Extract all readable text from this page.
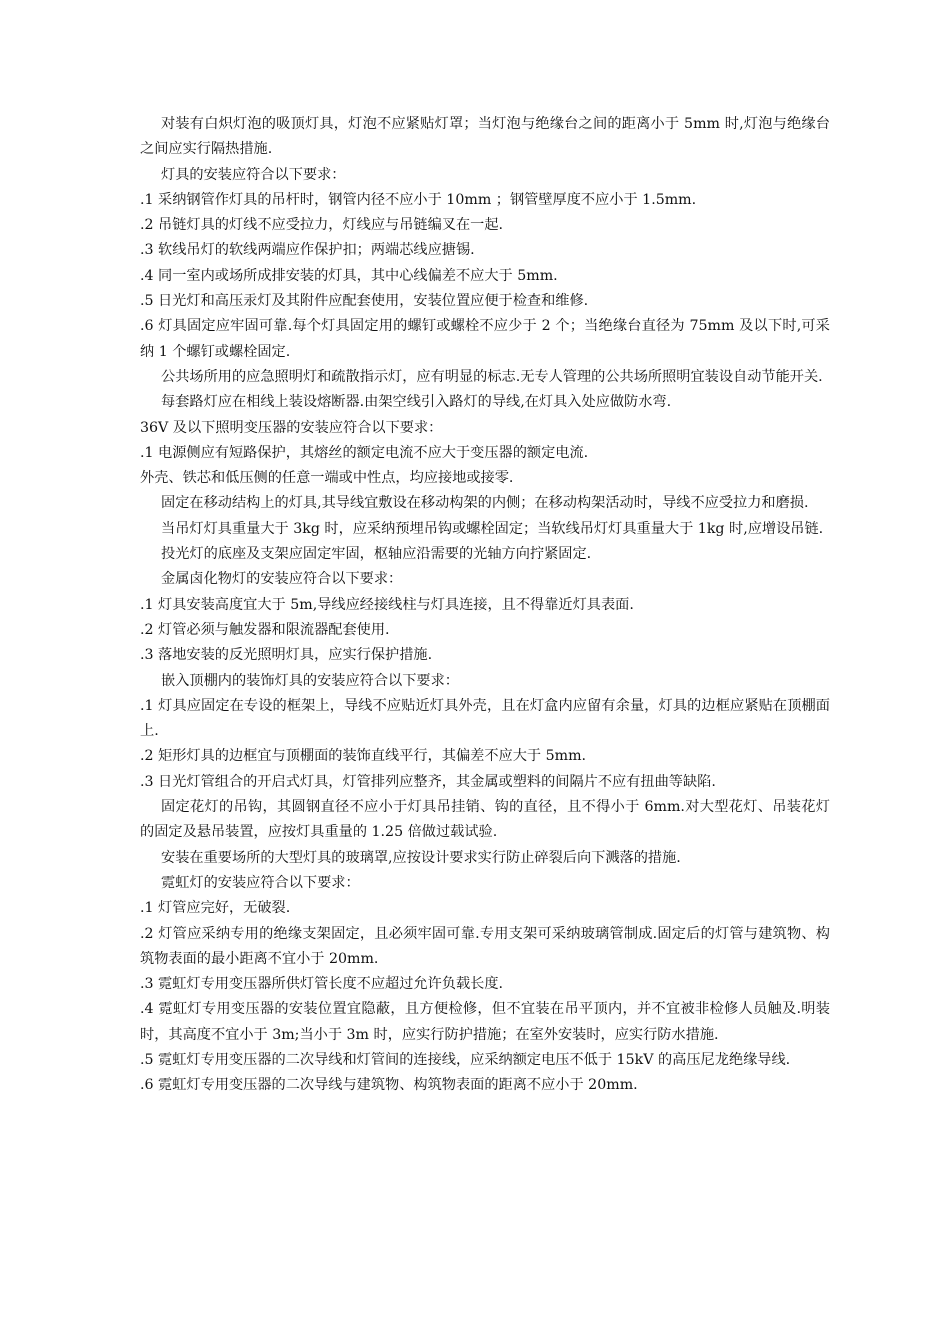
对装有白炽灯泡的吸顶灯具，灯泡不应紧贴灯罩；当灯泡与绝缘台之间的距离小于 5mm 时,灯泡与绝缘台之间应实行隔热措施.

灯具的安装应符合以下要求：

.1 采纳钢管作灯具的吊杆时，钢管内径不应小于 10mm ；钢管壁厚度不应小于 1.5mm.

.2 吊链灯具的灯线不应受拉力，灯线应与吊链编叉在一起.

.3 软线吊灯的软线两端应作保护扣；两端芯线应搪锡.

.4 同一室内或场所成排安装的灯具，其中心线偏差不应大于 5mm.

.5 日光灯和高压汞灯及其附件应配套使用，安装位置应便于检查和维修.

.6 灯具固定应牢固可靠.每个灯具固定用的螺钉或螺栓不应少于 2 个；当绝缘台直径为 75mm 及以下时,可采纳 1 个螺钉或螺栓固定.

公共场所用的应急照明灯和疏散指示灯，应有明显的标志.无专人管理的公共场所照明宜装设自动节能开关.

每套路灯应在相线上装设熔断器.由架空线引入路灯的导线,在灯具入处应做防水弯.

36V 及以下照明变压器的安装应符合以下要求：

.1 电源侧应有短路保护，其熔丝的额定电流不应大于变压器的额定电流.

外壳、铁芯和低压侧的任意一端或中性点，均应接地或接零.

固定在移动结构上的灯具,其导线宜敷设在移动构架的内侧；在移动构架活动时，导线不应受拉力和磨损.

当吊灯灯具重量大于 3kg 时，应采纳预埋吊钩或螺栓固定；当软线吊灯灯具重量大于 1kg 时,应增设吊链.

投光灯的底座及支架应固定牢固，枢轴应沿需要的光轴方向拧紧固定.

金属卤化物灯的安装应符合以下要求：

.1 灯具安装高度宜大于 5m,导线应经接线柱与灯具连接，且不得靠近灯具表面.

.2 灯管必须与触发器和限流器配套使用.

.3 落地安装的反光照明灯具，应实行保护措施.

嵌入顶棚内的装饰灯具的安装应符合以下要求：

.1 灯具应固定在专设的框架上，导线不应贴近灯具外壳，且在灯盒内应留有余量，灯具的边框应紧贴在顶棚面上.

.2 矩形灯具的边框宜与顶棚面的装饰直线平行，其偏差不应大于 5mm.

.3 日光灯管组合的开启式灯具，灯管排列应整齐，其金属或塑料的间隔片不应有扭曲等缺陷.

固定花灯的吊钩，其圆钢直径不应小于灯具吊挂销、钩的直径，且不得小于 6mm.对大型花灯、吊装花灯的固定及悬吊装置，应按灯具重量的 1.25 倍做过载试验.

安装在重要场所的大型灯具的玻璃罩,应按设计要求实行防止碎裂后向下溅落的措施.

霓虹灯的安装应符合以下要求：

.1 灯管应完好，无破裂.

.2 灯管应采纳专用的绝缘支架固定，且必须牢固可靠.专用支架可采纳玻璃管制成.固定后的灯管与建筑物、构筑物表面的最小距离不宜小于 20mm.

.3 霓虹灯专用变压器所供灯管长度不应超过允许负载长度.

.4 霓虹灯专用变压器的安装位置宜隐蔽，且方便检修，但不宜装在吊平顶内，并不宜被非检修人员触及.明装时，其高度不宜小于 3m;当小于 3m 时，应实行防护措施；在室外安装时，应实行防水措施.

.5 霓虹灯专用变压器的二次导线和灯管间的连接线，应采纳额定电压不低于 15kV 的高压尼龙绝缘导线.

.6 霓虹灯专用变压器的二次导线与建筑物、构筑物表面的距离不应小于 20mm.
